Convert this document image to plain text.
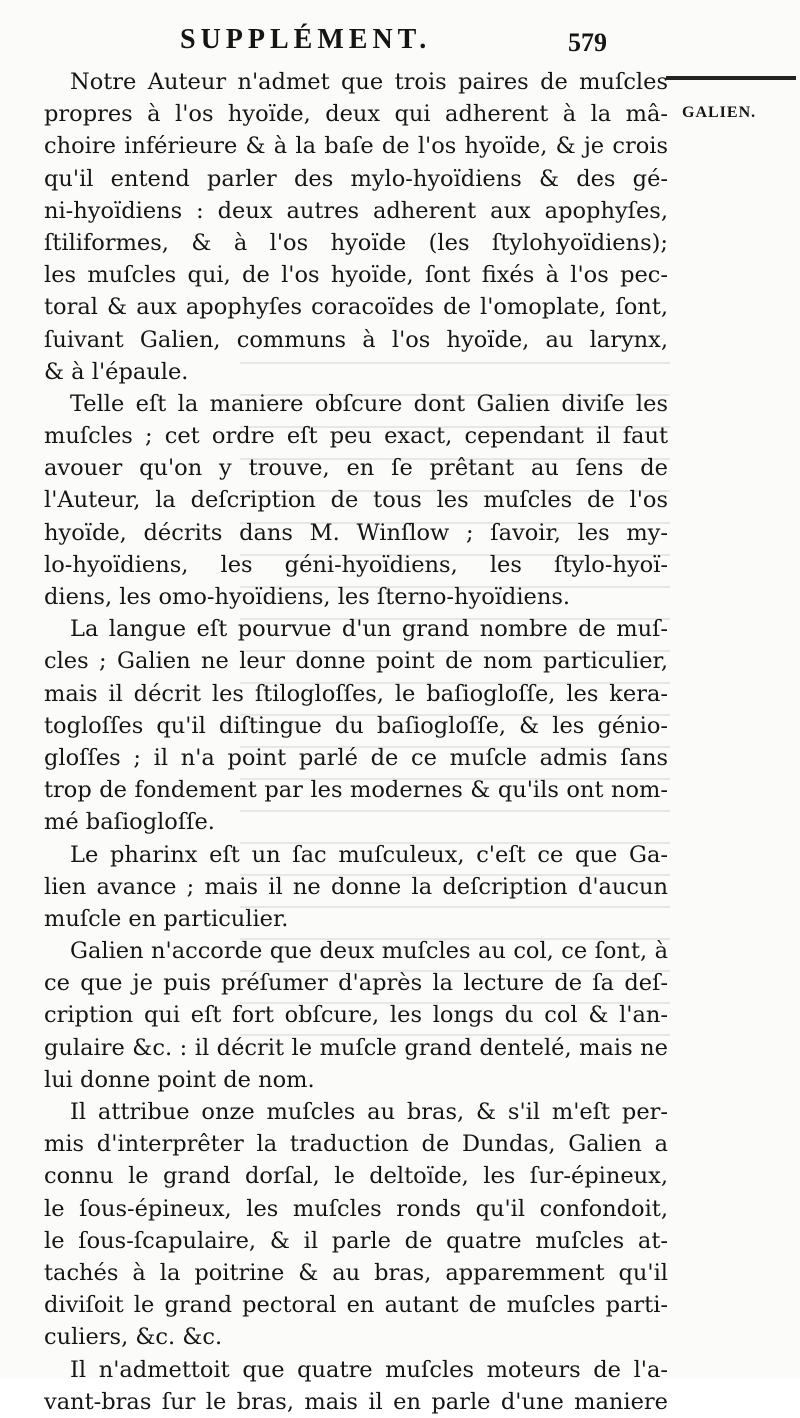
SUPPLÉMENT.	579
GALIEN.
Notre Auteur n'admet que trois paires de muſcles
propres à l'os hyoïde, deux qui adherent à la mâ-
choire inférieure & à la baſe de l'os hyoïde, & je crois
qu'il entend parler des mylo-hyoïdiens & des gé-
ni-hyoïdiens : deux autres adherent aux apophyſes,
ſtiliformes, & à l'os hyoïde (les ſtylohyoïdiens);
les muſcles qui, de l'os hyoïde, ſont fixés à l'os pec-
toral & aux apophyſes coracoïdes de l'omoplate, ſont,
ſuivant Galien, communs à l'os hyoïde, au larynx,
& à l'épaule.
Telle eſt la maniere obſcure dont Galien diviſe les
muſcles ; cet ordre eſt peu exact, cependant il faut
avouer qu'on y trouve, en ſe prêtant au ſens de
l'Auteur, la deſcription de tous les muſcles de l'os
hyoïde, décrits dans M. Winſlow ; ſavoir, les my-
lo-hyoïdiens, les géni-hyoïdiens, les ſtylo-hyoï-
diens, les omo-hyoïdiens, les ſterno-hyoïdiens.
La langue eſt pourvue d'un grand nombre de muſ-
cles ; Galien ne leur donne point de nom particulier,
mais il décrit les ſtiloglоſſes, le baſiogloſſe, les kera-
togloſſes qu'il diſtingue du baſiogloſſe, & les génio-
gloſſes ; il n'a point parlé de ce muſcle admis ſans
trop de fondement par les modernes & qu'ils ont nom-
mé baſiogloſſe.
Le pharinx eſt un ſac muſculeux, c'eſt ce que Ga-
lien avance ; mais il ne donne la deſcription d'aucun
muſcle en particulier.
Galien n'accorde que deux muſcles au col, ce ſont, à
ce que je puis préſumer d'après la lecture de ſa deſ-
cription qui eſt fort obſcure, les longs du col & l'an-
gulaire &c. : il décrit le muſcle grand dentelé, mais ne
lui donne point de nom.
Il attribue onze muſcles au bras, & s'il m'eſt per-
mis d'interprêter la traduction de Dundas, Galien a
connu le grand dorſal, le deltoïde, les ſur-épineux,
le ſous-épineux, les muſcles ronds qu'il confondoit,
le ſous-ſcapulaire, & il parle de quatre muſcles at-
tachés à la poitrine & au bras, apparemment qu'il
diviſoit le grand pectoral en autant de muſcles parti-
culiers, &c. &c.
Il n'admettoit que quatre muſcles moteurs de l'a-
vant-bras ſur le bras, mais il en parle d'une maniere
